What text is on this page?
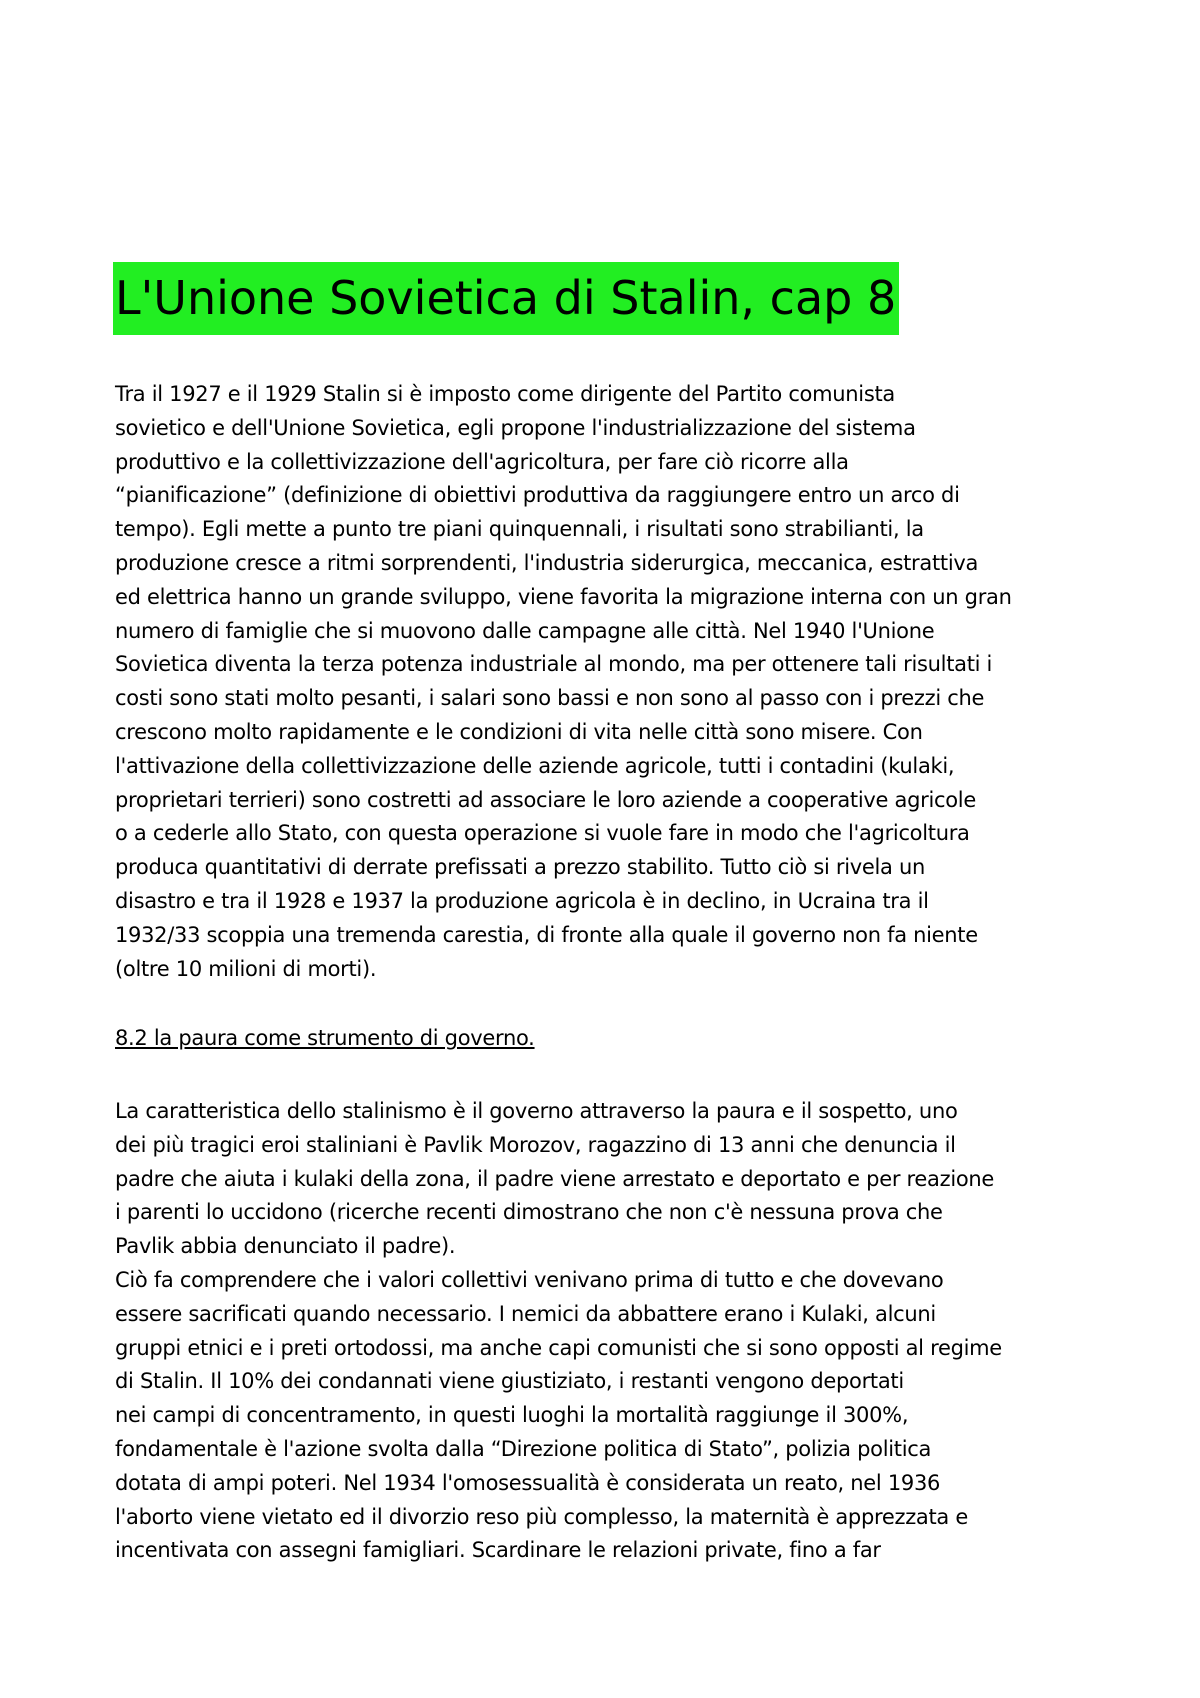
L'Unione Sovietica di Stalin, cap 8
Tra il 1927 e il 1929 Stalin si è imposto come dirigente del Partito comunista
sovietico e dell'Unione Sovietica, egli propone l'industrializzazione del sistema
produttivo e la collettivizzazione dell'agricoltura, per fare ciò ricorre alla
“pianificazione” (definizione di obiettivi produttiva da raggiungere entro un arco di
tempo). Egli mette a punto tre piani quinquennali, i risultati sono strabilianti, la
produzione cresce a ritmi sorprendenti, l'industria siderurgica, meccanica, estrattiva
ed elettrica hanno un grande sviluppo, viene favorita la migrazione interna con un gran
numero di famiglie che si muovono dalle campagne alle città. Nel 1940 l'Unione
Sovietica diventa la terza potenza industriale al mondo, ma per ottenere tali risultati i
costi sono stati molto pesanti, i salari sono bassi e non sono al passo con i prezzi che
crescono molto rapidamente e le condizioni di vita nelle città sono misere. Con
l'attivazione della collettivizzazione delle aziende agricole, tutti i contadini (kulaki,
proprietari terrieri) sono costretti ad associare le loro aziende a cooperative agricole
o a cederle allo Stato, con questa operazione si vuole fare in modo che l'agricoltura
produca quantitativi di derrate prefissati a prezzo stabilito. Tutto ciò si rivela un
disastro e tra il 1928 e 1937 la produzione agricola è in declino, in Ucraina tra il
1932/33 scoppia una tremenda carestia, di fronte alla quale il governo non fa niente
(oltre 10 milioni di morti).
8.2 la paura come strumento di governo.
La caratteristica dello stalinismo è il governo attraverso la paura e il sospetto, uno
dei più tragici eroi staliniani è Pavlik Morozov, ragazzino di 13 anni che denuncia il
padre che aiuta i kulaki della zona, il padre viene arrestato e deportato e per reazione
i parenti lo uccidono (ricerche recenti dimostrano che non c'è nessuna prova che
Pavlik abbia denunciato il padre).
Ciò fa comprendere che i valori collettivi venivano prima di tutto e che dovevano
essere sacrificati quando necessario. I nemici da abbattere erano i Kulaki, alcuni
gruppi etnici e i preti ortodossi, ma anche capi comunisti che si sono opposti al regime
di Stalin. Il 10% dei condannati viene giustiziato, i restanti vengono deportati
nei campi di concentramento, in questi luoghi la mortalità raggiunge il 300%,
fondamentale è l'azione svolta dalla “Direzione politica di Stato”, polizia politica
dotata di ampi poteri. Nel 1934 l'omosessualità è considerata un reato, nel 1936
l'aborto viene vietato ed il divorzio reso più complesso, la maternità è apprezzata e
incentivata con assegni famigliari. Scardinare le relazioni private, fino a far
